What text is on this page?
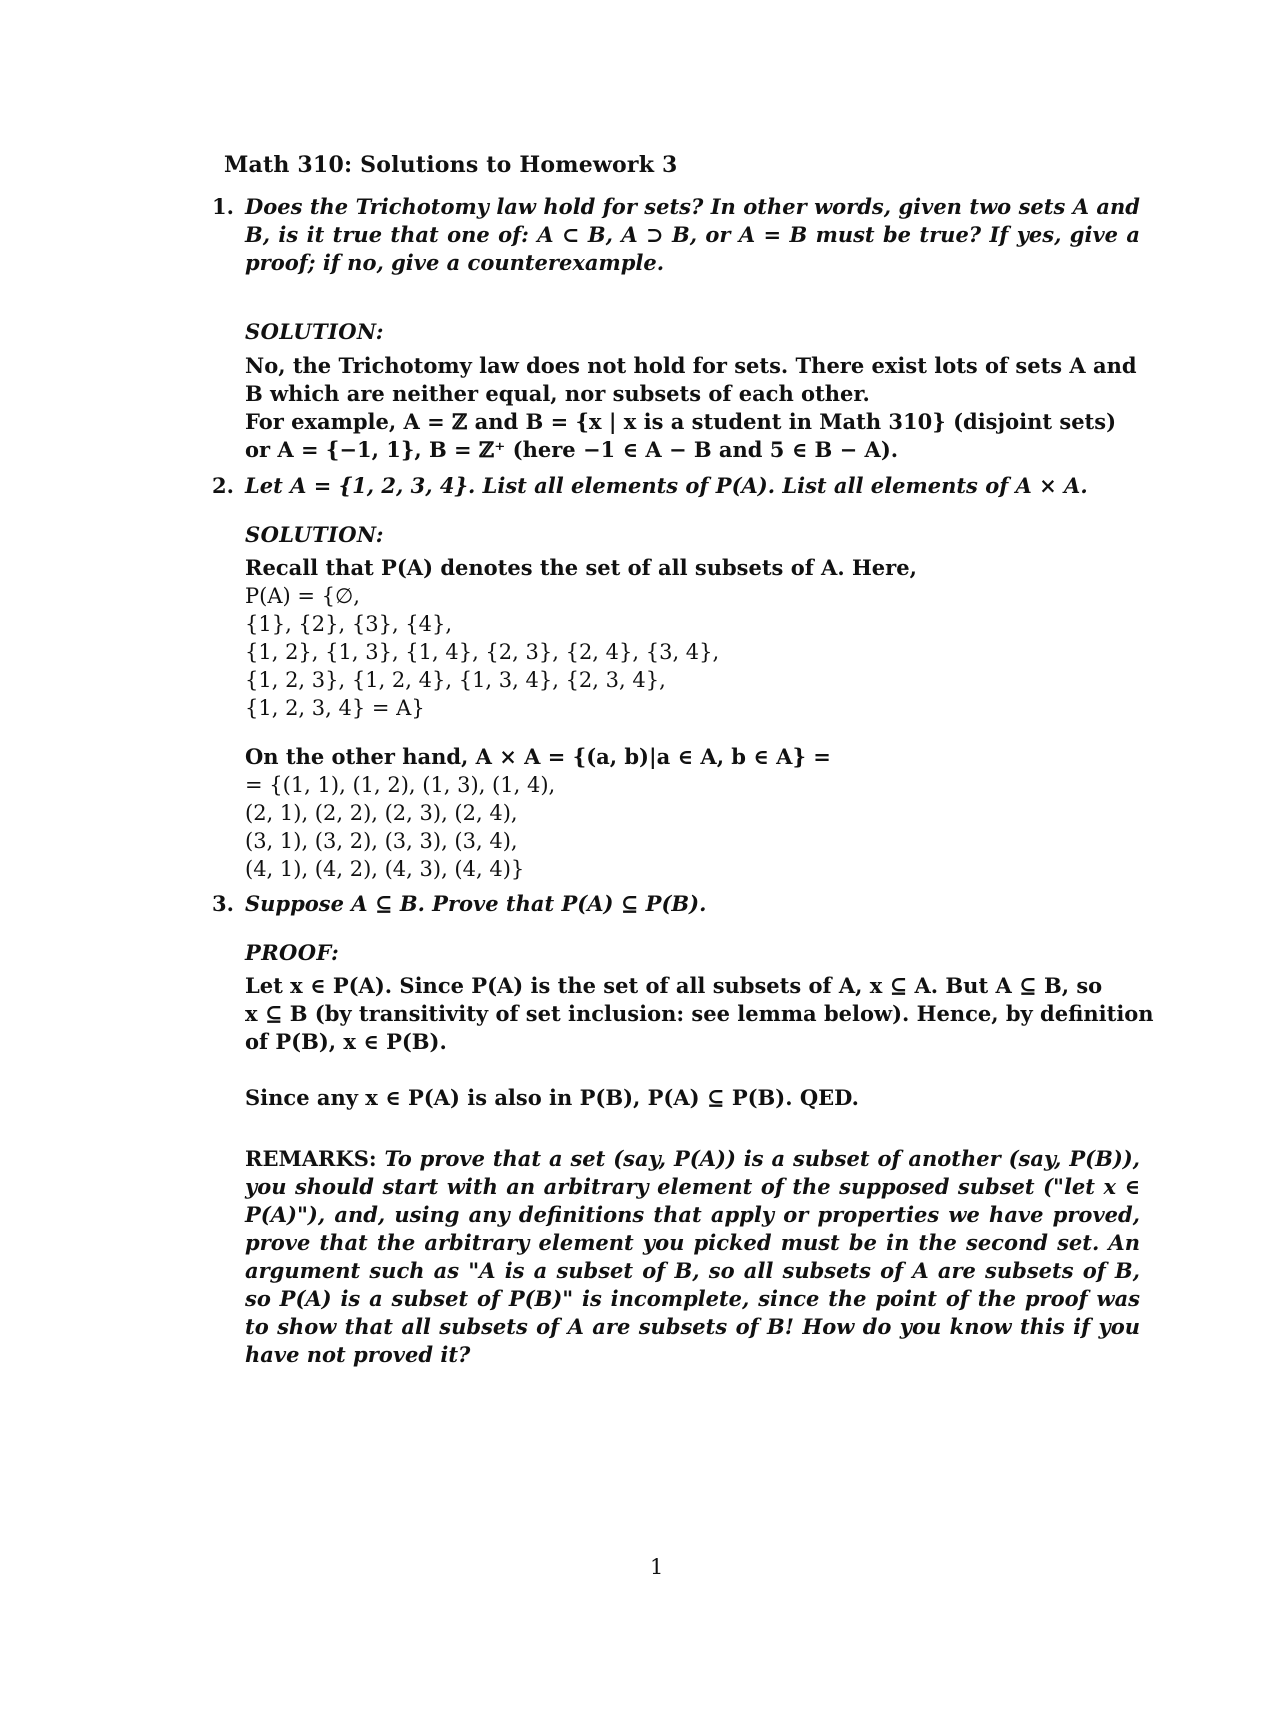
Math 310: Solutions to Homework 3
1. Does the Trichotomy law hold for sets? In other words, given two sets A and B, is it true that one of: A ⊂ B, A ⊃ B, or A = B must be true? If yes, give a proof; if no, give a counterexample.
SOLUTION:
No, the Trichotomy law does not hold for sets. There exist lots of sets A and
B which are neither equal, nor subsets of each other.
For example, A = ℤ and B = {x | x is a student in Math 310} (disjoint sets)
or A = {−1, 1}, B = ℤ⁺ (here −1 ∈ A − B and 5 ∈ B − A).
2. Let A = {1, 2, 3, 4}. List all elements of P(A). List all elements of A × A.
SOLUTION:
Recall that P(A) denotes the set of all subsets of A. Here,
P(A) = {∅,
{1}, {2}, {3}, {4},
{1, 2}, {1, 3}, {1, 4}, {2, 3}, {2, 4}, {3, 4},
{1, 2, 3}, {1, 2, 4}, {1, 3, 4}, {2, 3, 4},
{1, 2, 3, 4} = A}
On the other hand, A × A = {(a, b)|a ∈ A, b ∈ A} =
= {(1, 1), (1, 2), (1, 3), (1, 4),
(2, 1), (2, 2), (2, 3), (2, 4),
(3, 1), (3, 2), (3, 3), (3, 4),
(4, 1), (4, 2), (4, 3), (4, 4)}
3. Suppose A ⊆ B. Prove that P(A) ⊆ P(B).
PROOF:
Let x ∈ P(A). Since P(A) is the set of all subsets of A, x ⊆ A. But A ⊆ B, so
x ⊆ B (by transitivity of set inclusion: see lemma below). Hence, by definition
of P(B), x ∈ P(B).
Since any x ∈ P(A) is also in P(B), P(A) ⊆ P(B). QED.
REMARKS: To prove that a set (say, P(A)) is a subset of another (say, P(B)), you should start with an arbitrary element of the supposed subset ("let x ∈ P(A)"), and, using any definitions that apply or properties we have proved, prove that the arbitrary element you picked must be in the second set. An argument such as "A is a subset of B, so all subsets of A are subsets of B, so P(A) is a subset of P(B)" is incomplete, since the point of the proof was to show that all subsets of A are subsets of B! How do you know this if you have not proved it?
1
